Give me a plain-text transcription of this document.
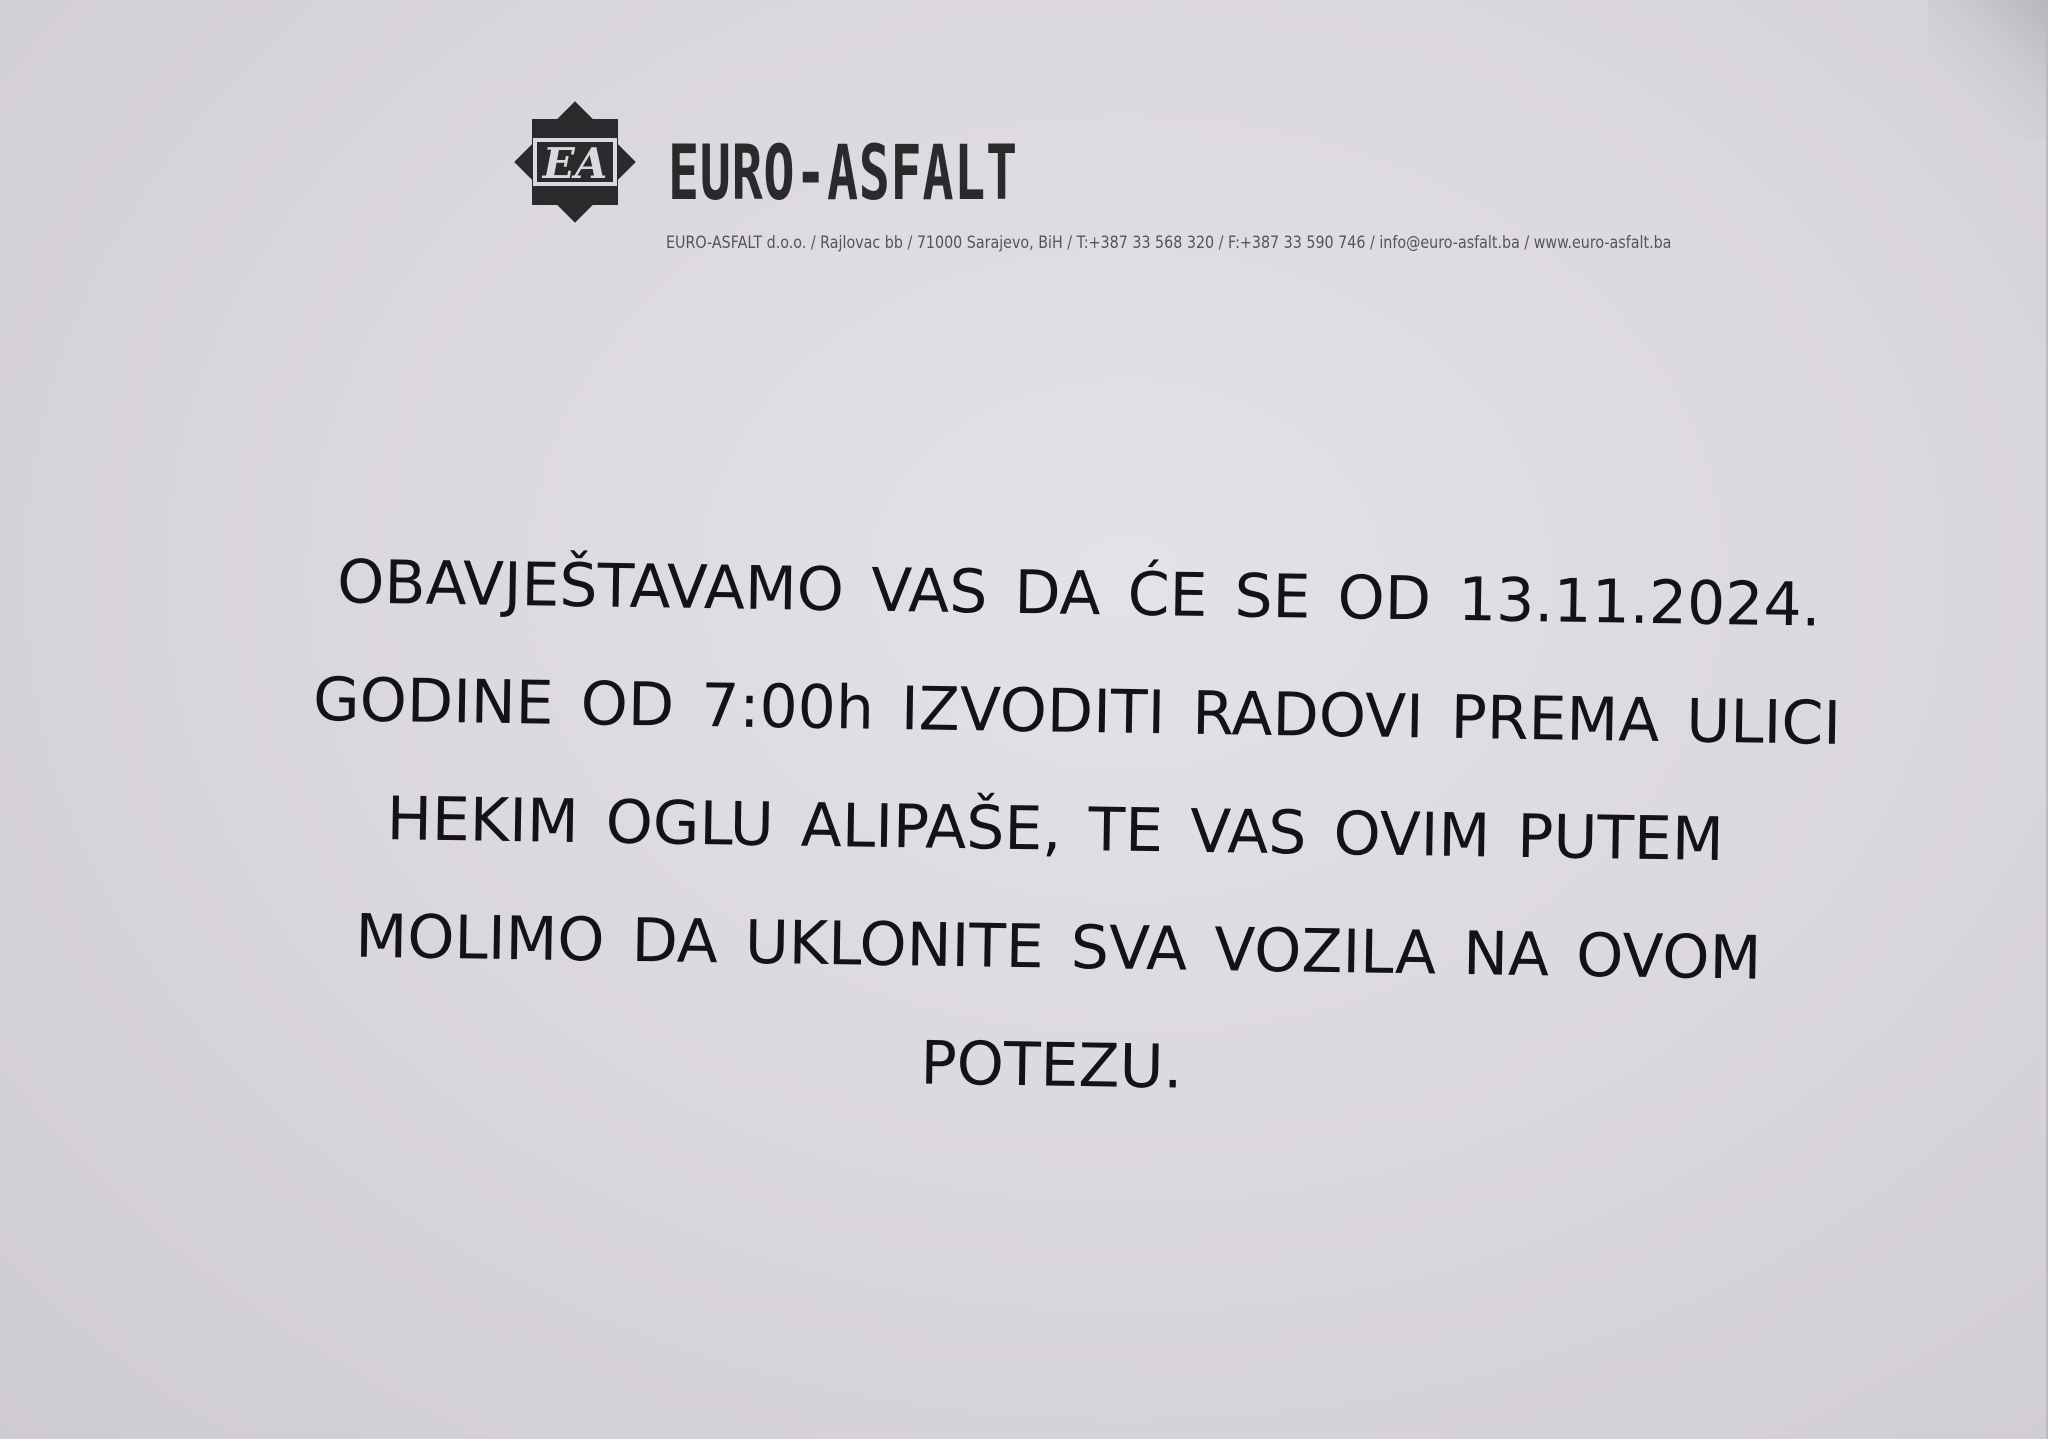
EA EURO-ASFALT
EURO-ASFALT d.o.o. / Rajlovac bb / 71000 Sarajevo, BiH / T:+387 33 568 320 / F:+387 33 590 746 / info@euro-asfalt.ba / www.euro-asfalt.ba
OBAVJEŠTAVAMO VAS DA ĆE SE OD 13.11.2024.
GODINE OD 7:00h IZVODITI RADOVI PREMA ULICI
HEKIM OGLU ALIPAŠE, TE VAS OVIM PUTEM
MOLIMO DA UKLONITE SVA VOZILA NA OVOM
POTEZU.
